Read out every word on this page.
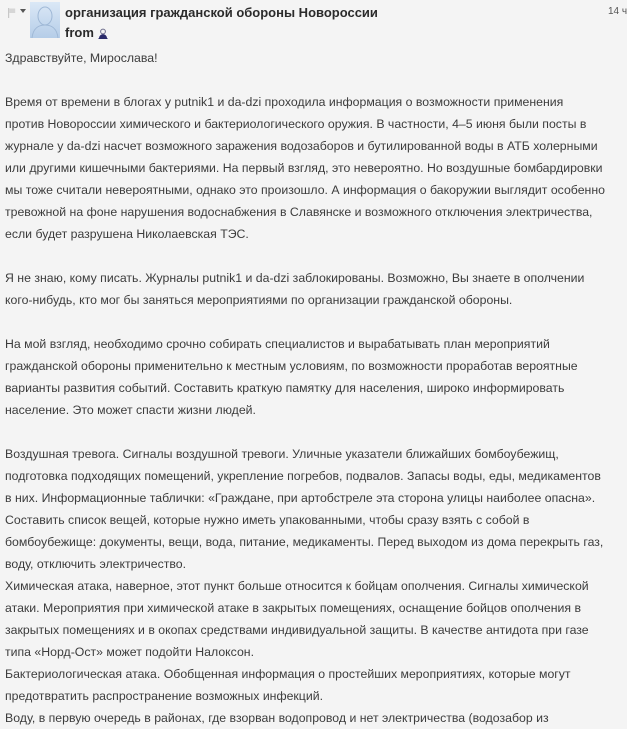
организация гражданской обороны Новороссии
from
14 ч

Здравствуйте, Мирослава!

Время от времени в блогах у putnik1 и da-dzi проходила информация о возможности применения против Новороссии химического и бактериологического оружия. В частности, 4–5 июня были посты в журнале у da-dzi насчет возможного заражения водозаборов и бутилированной воды в АТБ холерными или другими кишечными бактериями. На первый взгляд, это невероятно. Но воздушные бомбардировки мы тоже считали невероятными, однако это произошло. А информация о бакоружии выглядит особенно тревожной на фоне нарушения водоснабжения в Славянске и возможного отключения электричества, если будет разрушена Николаевская ТЭС.

Я не знаю, кому писать. Журналы putnik1 и da-dzi заблокированы. Возможно, Вы знаете в ополчении кого-нибудь, кто мог бы заняться мероприятиями по организации гражданской обороны.

На мой взгляд, необходимо срочно собирать специалистов и вырабатывать план мероприятий гражданской обороны применительно к местным условиям, по возможности проработав вероятные варианты развития событий. Составить краткую памятку для населения, широко информировать население. Это может спасти жизни людей.

Воздушная тревога. Сигналы воздушной тревоги. Уличные указатели ближайших бомбоубежищ, подготовка подходящих помещений, укрепление погребов, подвалов. Запасы воды, еды, медикаментов в них. Информационные таблички: «Граждане, при артобстреле эта сторона улицы наиболее опасна». Составить список вещей, которые нужно иметь упакованными, чтобы сразу взять с собой в бомбоубежище: документы, вещи, вода, питание, медикаменты. Перед выходом из дома перекрыть газ, воду, отключить электричество.

Химическая атака, наверное, этот пункт больше относится к бойцам ополчения. Сигналы химической атаки. Мероприятия при химической атаке в закрытых помещениях, оснащение бойцов ополчения в закрытых помещениях и в окопах средствами индивидуальной защиты. В качестве антидота при газе типа «Норд-Ост» может подойти Налоксон.

Бактериологическая атака. Обобщенная информация о простейших мероприятиях, которые могут предотвратить распространение возможных инфекций.

Воду, в первую очередь в районах, где взорван водопровод и нет электричества (водозабор из
